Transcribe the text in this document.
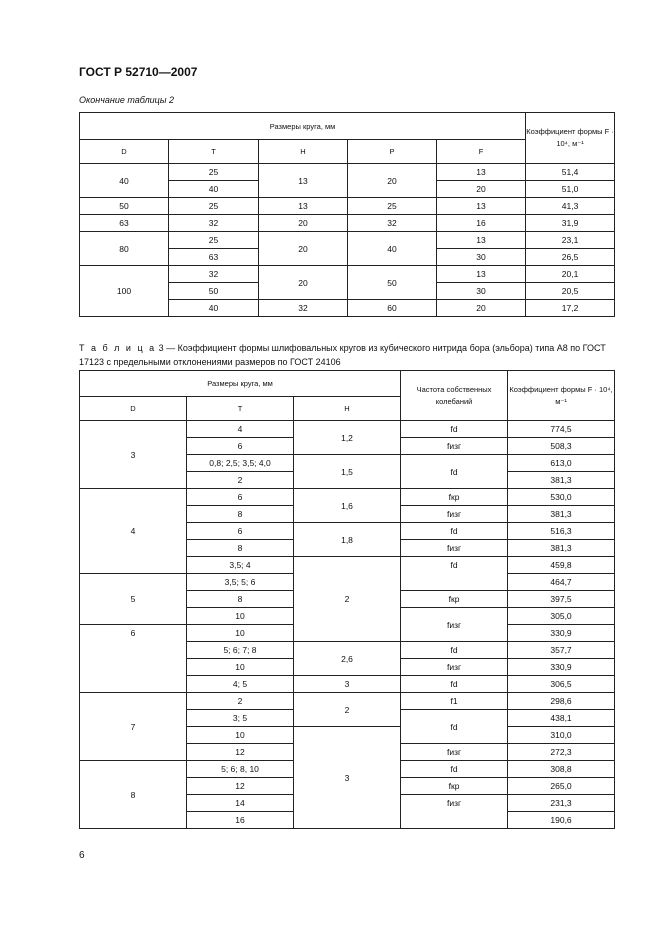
ГОСТ Р 52710—2007
Окончание таблицы 2
Размеры круга, мм					Коэффициент формы F · 10⁴, м⁻¹
D	T	H	P	F	
40	25	13	20	13	51,4
	40			20	51,0
50	25	13	25	13	41,3
63	32	20	32	16	31,9
80	25	20	40	13	23,1
	63			30	26,5
100	32	20	50	13	20,1
	50			30	20,5
	40	32	60	20	17,2
Т а б л и ц а 3 — Коэффициент формы шлифовальных кругов из кубического нитрида бора (эльбора) типа А8 по ГОСТ 17123 с предельными отклонениями размеров по ГОСТ 24106
Размеры круга, мм			Частота собственных колебаний	Коэффициент формы F · 10⁴, м⁻¹
D	T	H		
3	4	1,2	fd	774,5
	6		fизг	508,3
	0,8; 2,5; 3,5; 4,0	1,5	fd	613,0
	2			381,3
4	6	1,6	fкр	530,0
	8		fизг	381,3
	6	1,8	fd	516,3
	8		fизг	381,3
	3,5; 4	2	fd	459,8
5	3,5; 5; 6			464,7
	8		fкр	397,5
	10		fизг	305,0
6	10			330,9
	5; 6; 7; 8	2,6	fd	357,7
	10		fизг	330,9
	4; 5	3	fd	306,5
7	2	2	f1	298,6
	3; 5		fd	438,1
	10	3		310,0
	12		fизг	272,3
8	5; 6; 8, 10		fd	308,8
	12		fкр	265,0
	14		fизг	231,3
	16			190,6
6
